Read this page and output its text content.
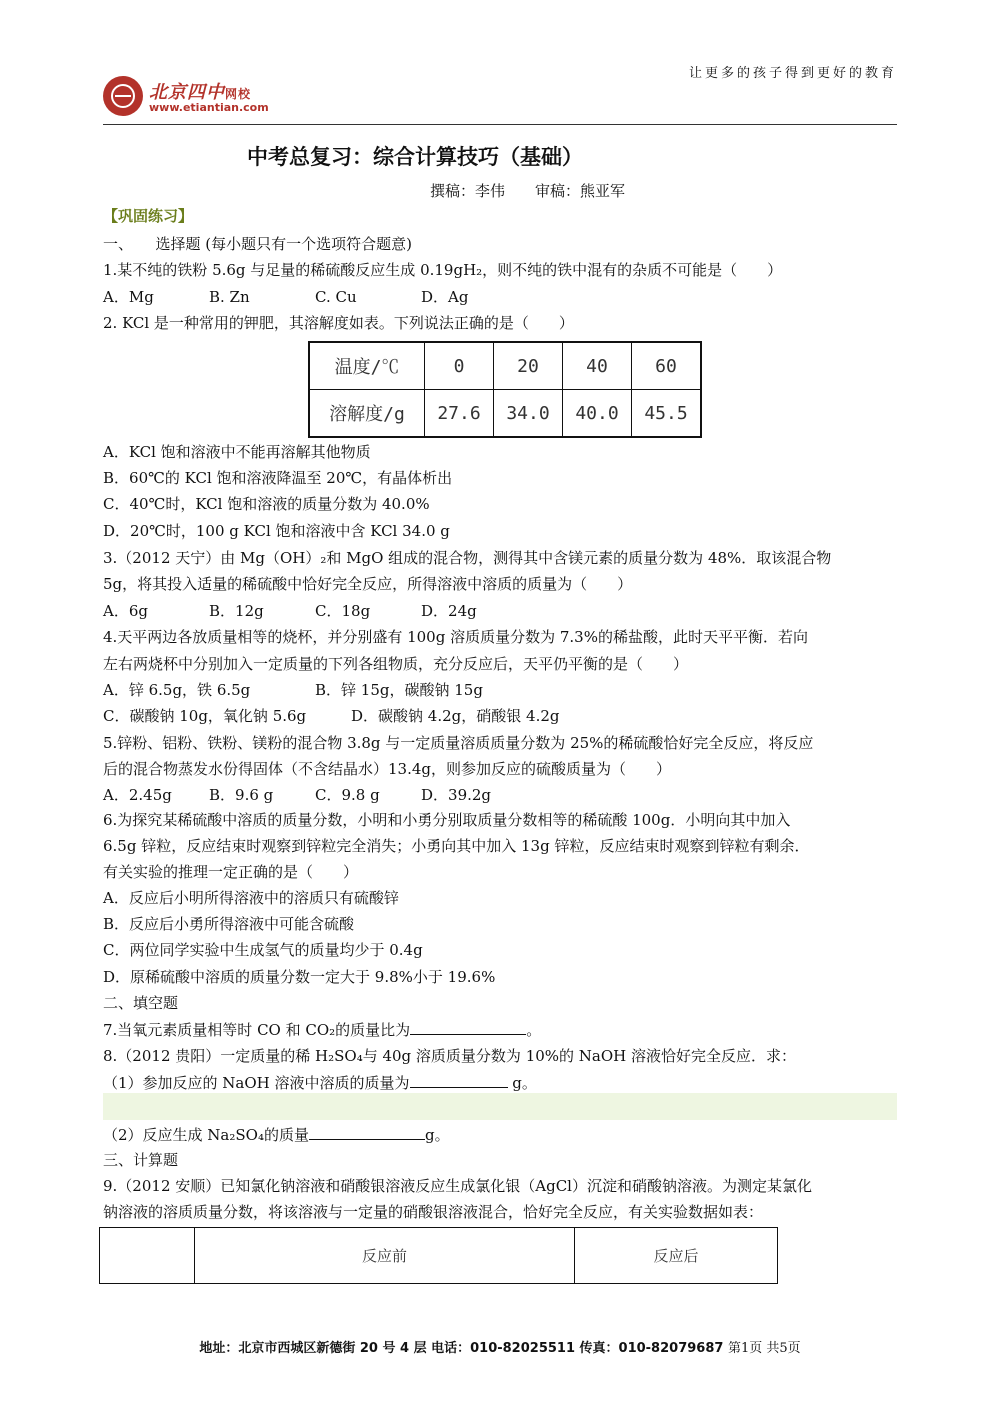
让更多的孩子得到更好的教育
北京四中网校
www.etiantian.com
中考总复习：综合计算技巧（基础）
撰稿：李伟　　审稿：熊亚军
【巩固练习】
一、　　选择题 (每小题只有一个选项符合题意)
1.某不纯的铁粉 5.6g 与足量的稀硫酸反应生成 0.19gH₂，则不纯的铁中混有的杂质不可能是（　　）
A．Mg	B. Zn	C. Cu	D．Ag
2. KCl 是一种常用的钾肥，其溶解度如表。下列说法正确的是（　　）
温度/℃	0	20	40	60
溶解度/g	27.6	34.0	40.0	45.5
A．KCl 饱和溶液中不能再溶解其他物质
B．60℃的 KCl 饱和溶液降温至 20℃，有晶体析出
C．40℃时，KCl 饱和溶液的质量分数为 40.0%
D．20℃时，100 g KCl 饱和溶液中含 KCl 34.0 g
3.（2012 天宁）由 Mg（OH）₂和 MgO 组成的混合物，测得其中含镁元素的质量分数为 48%．取该混合物
5g，将其投入适量的稀硫酸中恰好完全反应，所得溶液中溶质的质量为（　　）
A．6g	B．12g	C．18g	D．24g
4.天平两边各放质量相等的烧杯，并分别盛有 100g 溶质质量分数为 7.3%的稀盐酸，此时天平平衡．若向
左右两烧杯中分别加入一定质量的下列各组物质，充分反应后，天平仍平衡的是（　　）
A．锌 6.5g，铁 6.5g	B．锌 15g，碳酸钠 15g
C．碳酸钠 10g，氧化钠 5.6g	D．碳酸钠 4.2g，硝酸银 4.2g
5.锌粉、铝粉、铁粉、镁粉的混合物 3.8g 与一定质量溶质质量分数为 25%的稀硫酸恰好完全反应，将反应
后的混合物蒸发水份得固体（不含结晶水）13.4g，则参加反应的硫酸质量为（　　）
A．2.45g B．9.6 g	C．9.8 g	D．39.2g
6.为探究某稀硫酸中溶质的质量分数，小明和小勇分别取质量分数相等的稀硫酸 100g．小明向其中加入
6.5g 锌粒，反应结束时观察到锌粒完全消失；小勇向其中加入 13g 锌粒，反应结束时观察到锌粒有剩余．
有关实验的推理一定正确的是（　　）
A．反应后小明所得溶液中的溶质只有硫酸锌
B．反应后小勇所得溶液中可能含硫酸
C．两位同学实验中生成氢气的质量均少于 0.4g
D．原稀硫酸中溶质的质量分数一定大于 9.8%小于 19.6%
二、填空题
7.当氧元素质量相等时 CO 和 CO₂的质量比为	。
8.（2012 贵阳）一定质量的稀 H₂SO₄与 40g 溶质质量分数为 10%的 NaOH 溶液恰好完全反应．求：
（1）参加反应的 NaOH 溶液中溶质的质量为	g。
（2）反应生成 Na₂SO₄的质量	g。
三、计算题
9.（2012 安顺）已知氯化钠溶液和硝酸银溶液反应生成氯化银（AgCl）沉淀和硝酸钠溶液。为测定某氯化
钠溶液的溶质质量分数，将该溶液与一定量的硝酸银溶液混合，恰好完全反应，有关实验数据如表：
	反应前	反应后
地址：北京市西城区新德街 20 号 4 层 电话：010-82025511 传真：010-82079687 第1页 共5页
